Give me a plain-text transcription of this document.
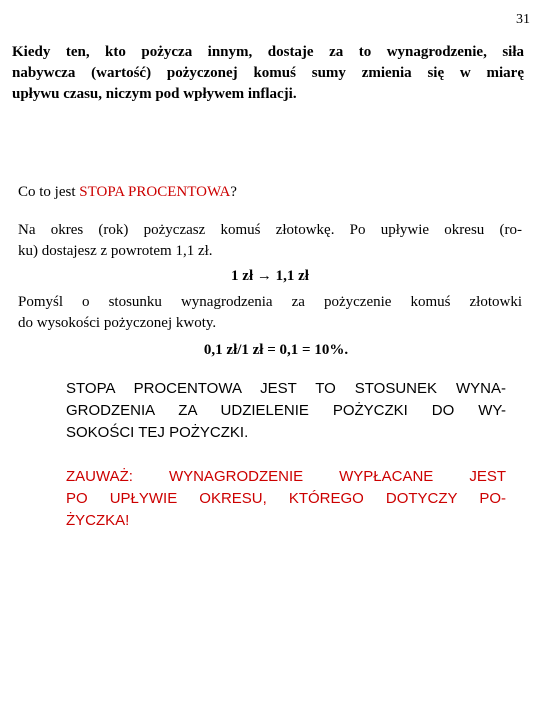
31
Kiedy ten, kto pożycza innym, dostaje za to wynagrodzenie, siła
nabywcza (wartość) pożyczonej komuś sumy zmienia się w miarę
upływu czasu, niczym pod wpływem inflacji.
Co to jest STOPA PROCENTOWA?
Na okres (rok) pożyczasz komuś złotowkę. Po upływie okresu (ro-
ku) dostajesz z powrotem 1,1 zł.
1 zł → 1,1 zł
Pomyśl o stosunku wynagrodzenia za pożyczenie komuś złotowki
do wysokości pożyczonej kwoty.
0,1 zł/1 zł = 0,1 = 10%.
STOPA PROCENTOWA JEST TO STOSUNEK WYNA-
GRODZENIA ZA UDZIELENIE POŻYCZKI DO WY-
SOKOŚCI TEJ POŻYCZKI.
ZAUWAŻ: WYNAGRODZENIE WYPŁACANE JEST
PO UPŁYWIE OKRESU, KTÓREGO DOTYCZY PO-
ŻYCZKA!
